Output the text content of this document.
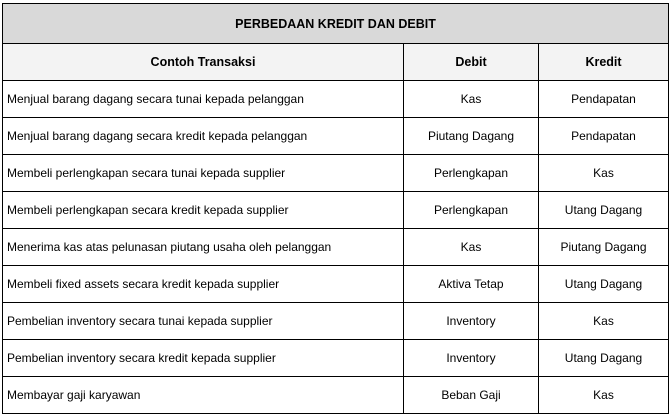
PERBEDAAN KREDIT DAN DEBIT		
Contoh Transaksi	Debit	Kredit
Menjual barang dagang secara tunai kepada pelanggan	Kas	Pendapatan
Menjual barang dagang secara kredit kepada pelanggan	Piutang Dagang	Pendapatan
Membeli perlengkapan secara tunai kepada supplier	Perlengkapan	Kas
Membeli perlengkapan secara kredit kepada supplier	Perlengkapan	Utang Dagang
Menerima kas atas pelunasan piutang usaha oleh pelanggan	Kas	Piutang Dagang
Membeli fixed assets secara kredit kepada supplier	Aktiva Tetap	Utang Dagang
Pembelian inventory secara tunai kepada supplier	Inventory	Kas
Pembelian inventory secara kredit kepada supplier	Inventory	Utang Dagang
Membayar gaji karyawan	Beban Gaji	Kas
